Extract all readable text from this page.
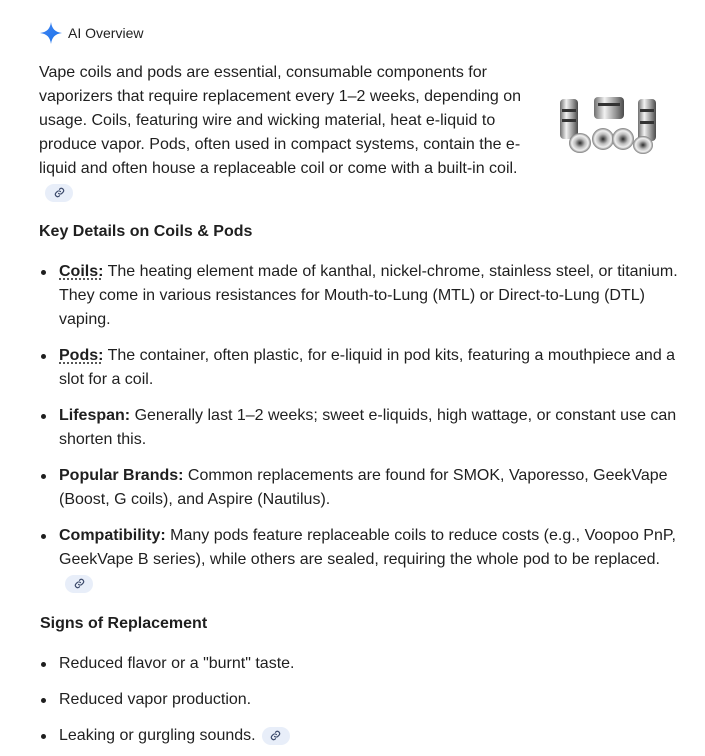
AI Overview

Vape coils and pods are essential, consumable components for vaporizers that require replacement every 1–2 weeks, depending on usage. Coils, featuring wire and wicking material, heat e-liquid to produce vapor. Pods, often used in compact systems, contain the e-liquid and often house a replaceable coil or come with a built-in coil.

Key Details on Coils & Pods
Coils: The heating element made of kanthal, nickel-chrome, stainless steel, or titanium. They come in various resistances for Mouth-to-Lung (MTL) or Direct-to-Lung (DTL) vaping.
Pods: The container, often plastic, for e-liquid in pod kits, featuring a mouthpiece and a slot for a coil.
Lifespan: Generally last 1–2 weeks; sweet e-liquids, high wattage, or constant use can shorten this.
Popular Brands: Common replacements are found for SMOK, Vaporesso, GeekVape (Boost, G coils), and Aspire (Nautilus).
Compatibility: Many pods feature replaceable coils to reduce costs (e.g., Voopoo PnP, GeekVape B series), while others are sealed, requiring the whole pod to be replaced.
Signs of Replacement
Reduced flavor or a "burnt" taste.
Reduced vapor production.
Leaking or gurgling sounds.
